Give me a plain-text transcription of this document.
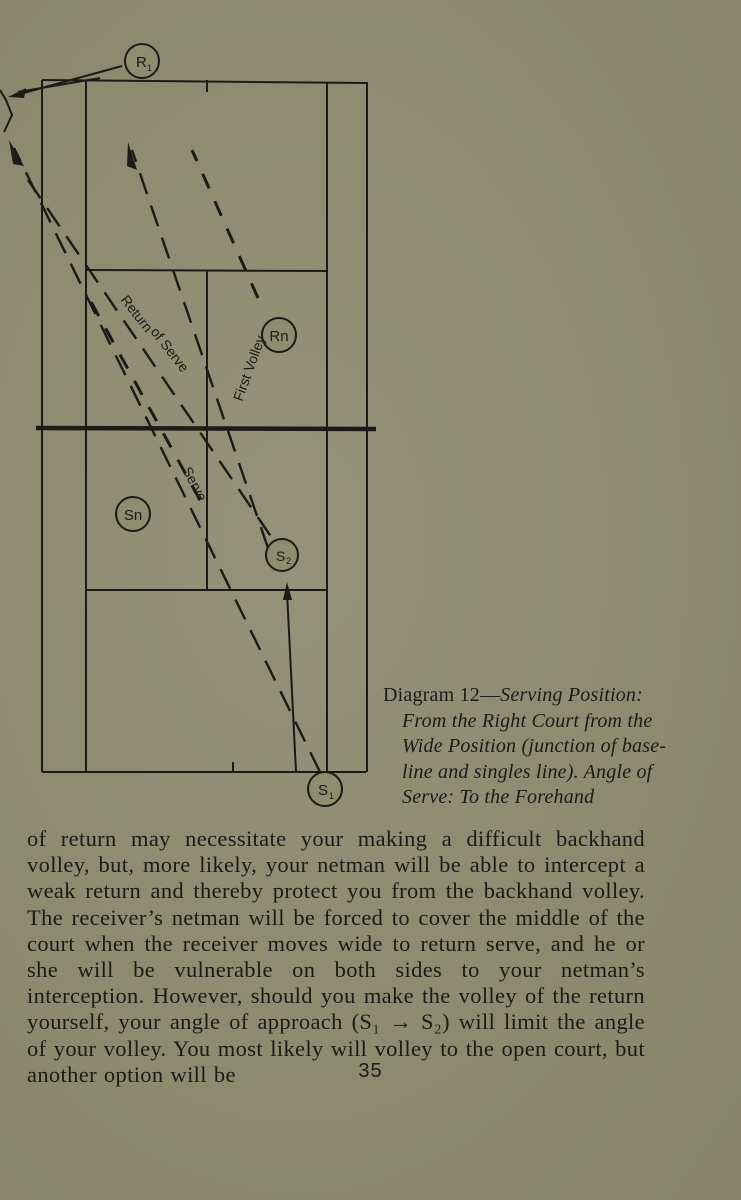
R 1
Rn
Sn
S 2
S 1
Return
of Serve	First Volley
Serve
Diagram 12—Serving Position:
From the Right Court from the
Wide Position (junction of base-
line and singles line). Angle of
Serve: To the Forehand

of return may necessitate your making a difficult backhand volley, but, more likely, your netman will be able to intercept a weak return and thereby protect you from the backhand volley. The receiver’s netman will be forced to cover the middle of the court when the receiver moves wide to return serve, and he or she will be vulnerable on both sides to your netman’s interception. However, should you make the volley of the return yourself, your angle of approach (S₁ → S₂) will limit the angle of your volley. You most likely will volley to the open court, but another option will be	35
